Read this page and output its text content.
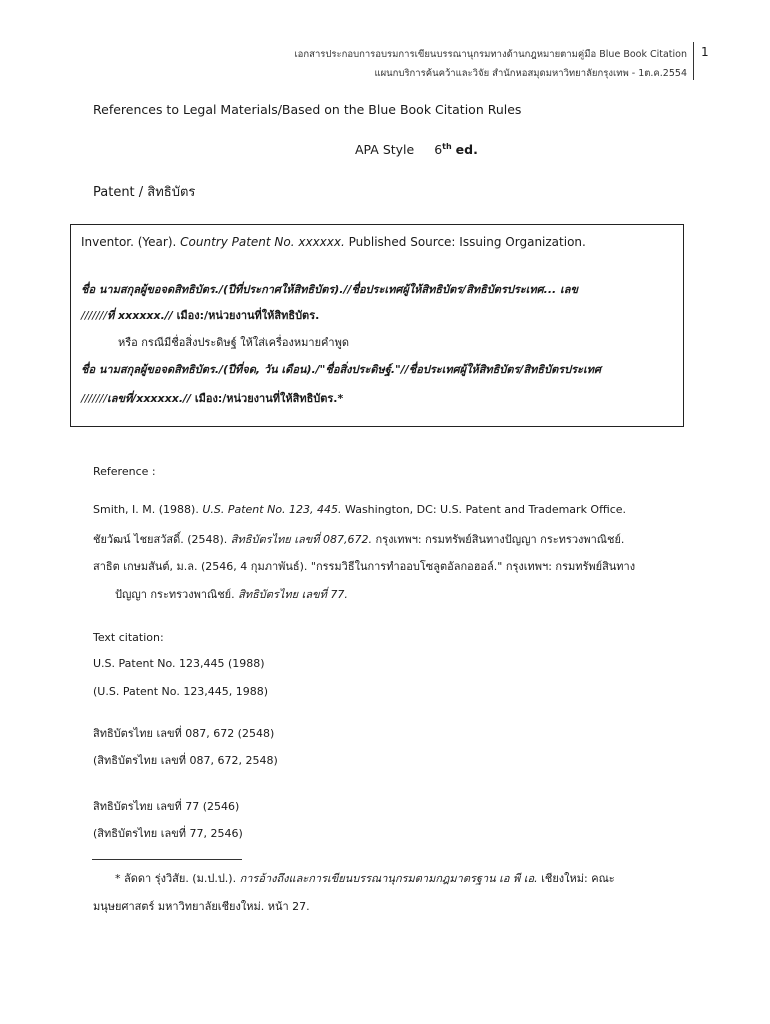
เอกสารประกอบการอบรมการเขียนบรรณานุกรมทางด้านกฎหมายตามคู่มือ Blue Book Citation
แผนกบริการค้นคว้าและวิจัย สำนักหอสมุดมหาวิทยาลัยกรุงเทพ - 1ต.ค.2554
1
References to Legal Materials/Based on the Blue Book Citation Rules
APA Style 6th ed.
Patent / สิทธิบัตร
Inventor. (Year). Country Patent No. xxxxxx. Published Source: Issuing Organization.
ชื่อ นามสกุลผู้ขอจดสิทธิบัตร./(ปีที่ประกาศให้สิทธิบัตร).//ชื่อประเทศผู้ให้สิทธิบัตร/สิทธิบัตรประเทศ... เลข
///////ที่ xxxxxx.// เมือง:/หน่วยงานที่ให้สิทธิบัตร.
หรือ กรณีมีชื่อสิ่งประดิษฐ์ ให้ใส่เครื่องหมายคำพูด
ชื่อ นามสกุลผู้ขอจดสิทธิบัตร./(ปีที่จด, วัน เดือน)./"ชื่อสิ่งประดิษฐ์."//ชื่อประเทศผู้ให้สิทธิบัตร/สิทธิบัตรประเทศ
///////เลขที่/xxxxxx.// เมือง:/หน่วยงานที่ให้สิทธิบัตร.*
Reference :
Smith, I. M. (1988). U.S. Patent No. 123, 445. Washington, DC: U.S. Patent and Trademark Office.
ชัยวัฒน์ ไชยสวัสดิ์. (2548). สิทธิบัตรไทย เลขที่ 087,672. กรุงเทพฯ: กรมทรัพย์สินทางปัญญา กระทรวงพาณิชย์.
สาธิต เกษมสันต์, ม.ล. (2546, 4 กุมภาพันธ์). "กรรมวิธีในการทำออบโซลูตอัลกอฮอล์." กรุงเทพฯ: กรมทรัพย์สินทาง
ปัญญา กระทรวงพาณิชย์. สิทธิบัตรไทย เลขที่ 77.
Text citation:
U.S. Patent No. 123,445 (1988)
(U.S. Patent No. 123,445, 1988)
สิทธิบัตรไทย เลขที่ 087, 672 (2548)
(สิทธิบัตรไทย เลขที่ 087, 672, 2548)
สิทธิบัตรไทย เลขที่ 77 (2546)
(สิทธิบัตรไทย เลขที่ 77, 2546)
* ลัดดา รุ่งวิสัย. (ม.ป.ป.). การอ้างถึงและการเขียนบรรณานุกรมตามกฎมาตรฐาน เอ พี เอ. เชียงใหม่: คณะ
มนุษยศาสตร์ มหาวิทยาลัยเชียงใหม่. หน้า 27.
